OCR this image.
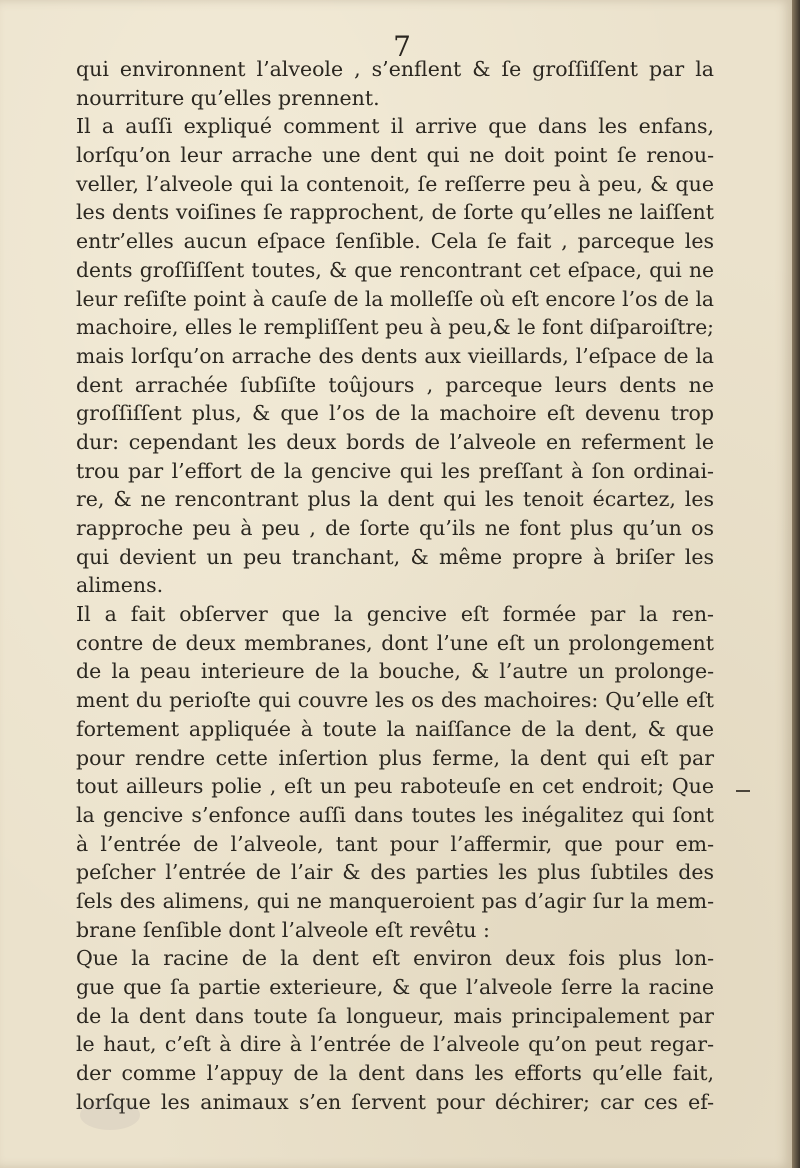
7
qui environnent l’alveole , s’enflent & ſe groſſiſſent par la
nourriture qu’elles prennent.
Il a auſſi expliqué comment il arrive que dans les enfans,
lorſqu’on leur arrache une dent qui ne doit point ſe renou-
veller, l’alveole qui la contenoit, ſe reſſerre peu à peu, & que
les dents voiſines ſe rapprochent, de ſorte qu’elles ne laiſſent
entr’elles aucun eſpace ſenſible. Cela ſe fait , parceque les
dents groſſiſſent toutes, & que rencontrant cet eſpace, qui ne
leur reſiſte point à cauſe de la molleſſe où eſt encore l’os de la
machoire, elles le rempliſſent peu à peu,& le font diſparoiſtre;
mais lorſqu’on arrache des dents aux vieillards, l’eſpace de la
dent arrachée ſubſiſte toûjours , parceque leurs dents ne
groſſiſſent plus, & que l’os de la machoire eſt devenu trop
dur: cependant les deux bords de l’alveole en referment le
trou par l’effort de la gencive qui les preſſant à ſon ordinai-
re, & ne rencontrant plus la dent qui les tenoit écartez, les
rapproche peu à peu , de ſorte qu’ils ne font plus qu’un os
qui devient un peu tranchant, & même propre à briſer les
alimens.
Il a fait obſerver que la gencive eſt formée par la ren-
contre de deux membranes, dont l’une eſt un prolongement
de la peau interieure de la bouche, & l’autre un prolonge-
ment du perioſte qui couvre les os des machoires: Qu’elle eſt
fortement appliquée à toute la naiſſance de la dent, & que
pour rendre cette inſertion plus ferme, la dent qui eſt par
tout ailleurs polie , eſt un peu raboteuſe en cet endroit; Que
la gencive s’enfonce auſſi dans toutes les inégalitez qui ſont
à l’entrée de l’alveole, tant pour l’affermir, que pour em-
peſcher l’entrée de l’air & des parties les plus ſubtiles des
ſels des alimens, qui ne manqueroient pas d’agir ſur la mem-
brane ſenſible dont l’alveole eſt revêtu :
Que la racine de la dent eſt environ deux fois plus lon-
gue que ſa partie exterieure, & que l’alveole ſerre la racine
de la dent dans toute ſa longueur, mais principalement par
le haut, c’eſt à dire à l’entrée de l’alveole qu’on peut regar-
der comme l’appuy de la dent dans les efforts qu’elle fait,
lorſque les animaux s’en ſervent pour déchirer; car ces ef-
